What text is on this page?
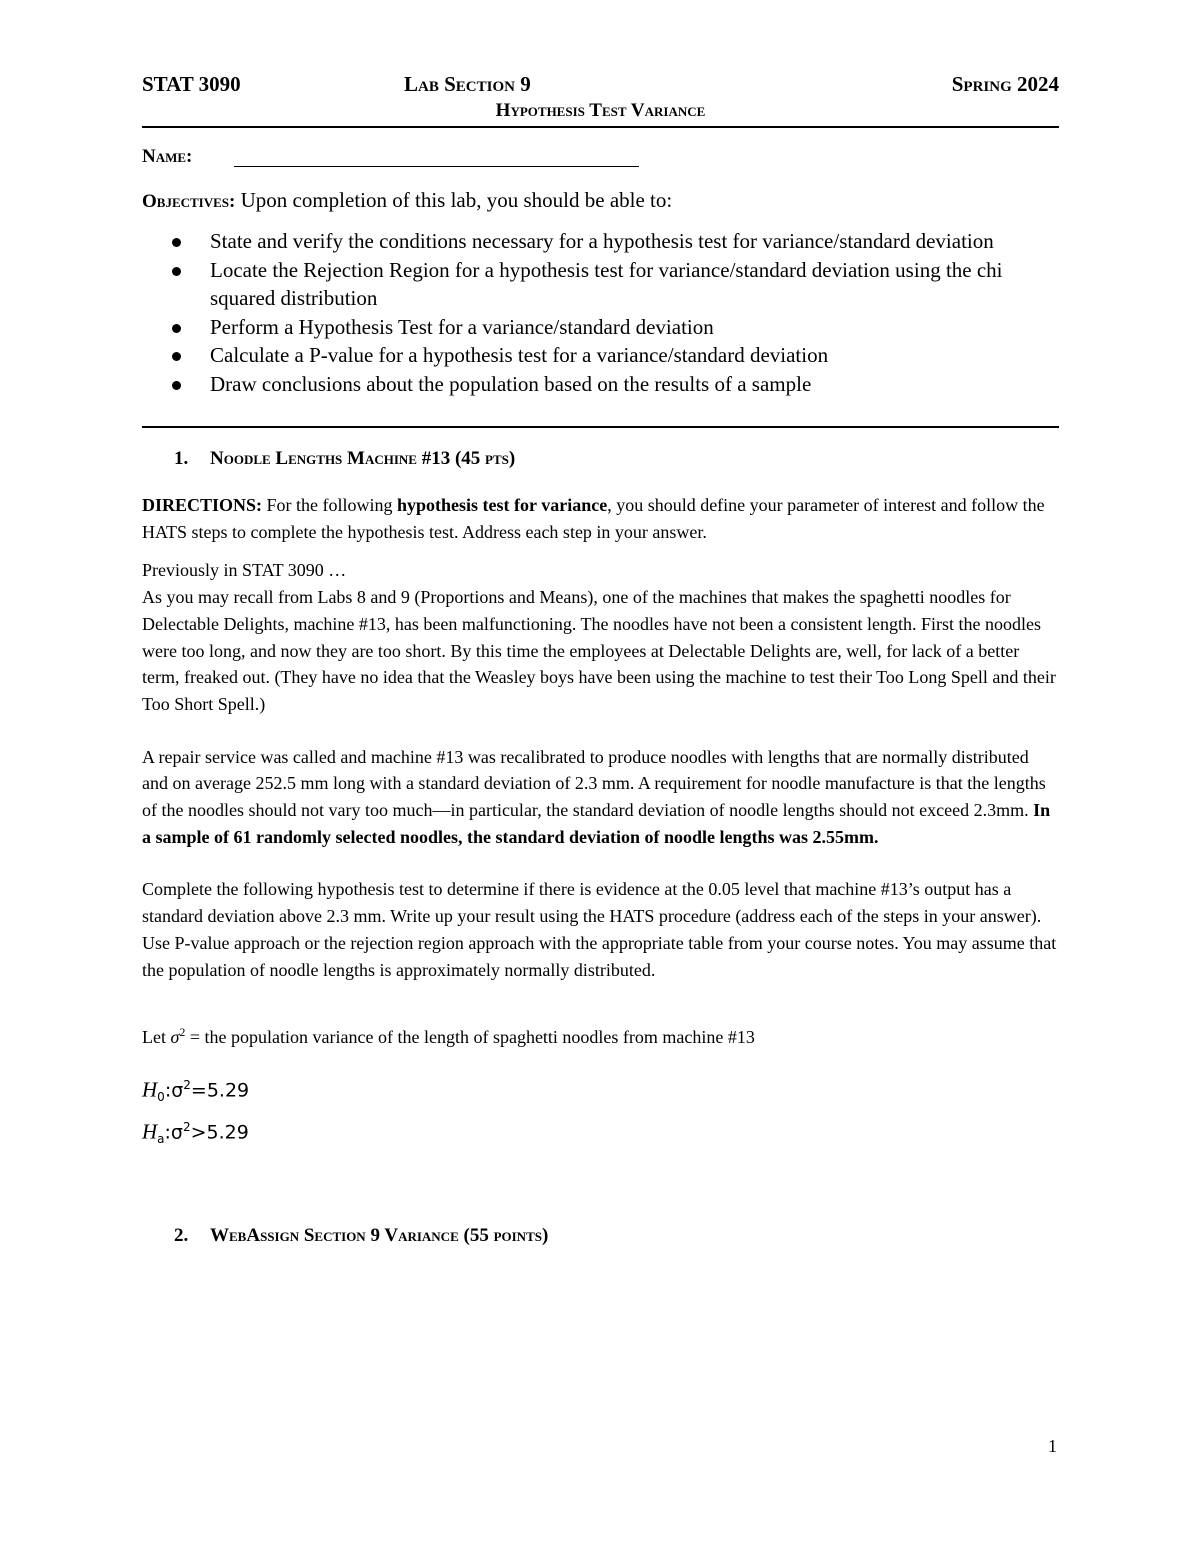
STAT 3090	Lab Section 9	Spring 2024
Hypothesis Test Variance
Name:
Objectives: Upon completion of this lab, you should be able to:
State and verify the conditions necessary for a hypothesis test for variance/standard deviation
Locate the Rejection Region for a hypothesis test for variance/standard deviation using the chi squared distribution
Perform a Hypothesis Test for a variance/standard deviation
Calculate a P-value for a hypothesis test for a variance/standard deviation
Draw conclusions about the population based on the results of a sample
1. Noodle Lengths Machine #13 (45 pts)
DIRECTIONS: For the following hypothesis test for variance, you should define your parameter of interest and follow the HATS steps to complete the hypothesis test. Address each step in your answer.
Previously in STAT 3090 …
As you may recall from Labs 8 and 9 (Proportions and Means), one of the machines that makes the spaghetti noodles for Delectable Delights, machine #13, has been malfunctioning. The noodles have not been a consistent length. First the noodles were too long, and now they are too short. By this time the employees at Delectable Delights are, well, for lack of a better term, freaked out. (They have no idea that the Weasley boys have been using the machine to test their Too Long Spell and their Too Short Spell.)
A repair service was called and machine #13 was recalibrated to produce noodles with lengths that are normally distributed and on average 252.5 mm long with a standard deviation of 2.3 mm. A requirement for noodle manufacture is that the lengths of the noodles should not vary too much—in particular, the standard deviation of noodle lengths should not exceed 2.3mm. In a sample of 61 randomly selected noodles, the standard deviation of noodle lengths was 2.55mm.
Complete the following hypothesis test to determine if there is evidence at the 0.05 level that machine #13’s output has a standard deviation above 2.3 mm. Write up your result using the HATS procedure (address each of the steps in your answer). Use P-value approach or the rejection region approach with the appropriate table from your course notes. You may assume that the population of noodle lengths is approximately normally distributed.
Let $\sigma^2$ = the population variance of the length of spaghetti noodles from machine #13
$H_0:\sigma^2=5.29$
$H_a:\sigma^2>5.29$
2. WebAssign Section 9 Variance (55 points)
1
